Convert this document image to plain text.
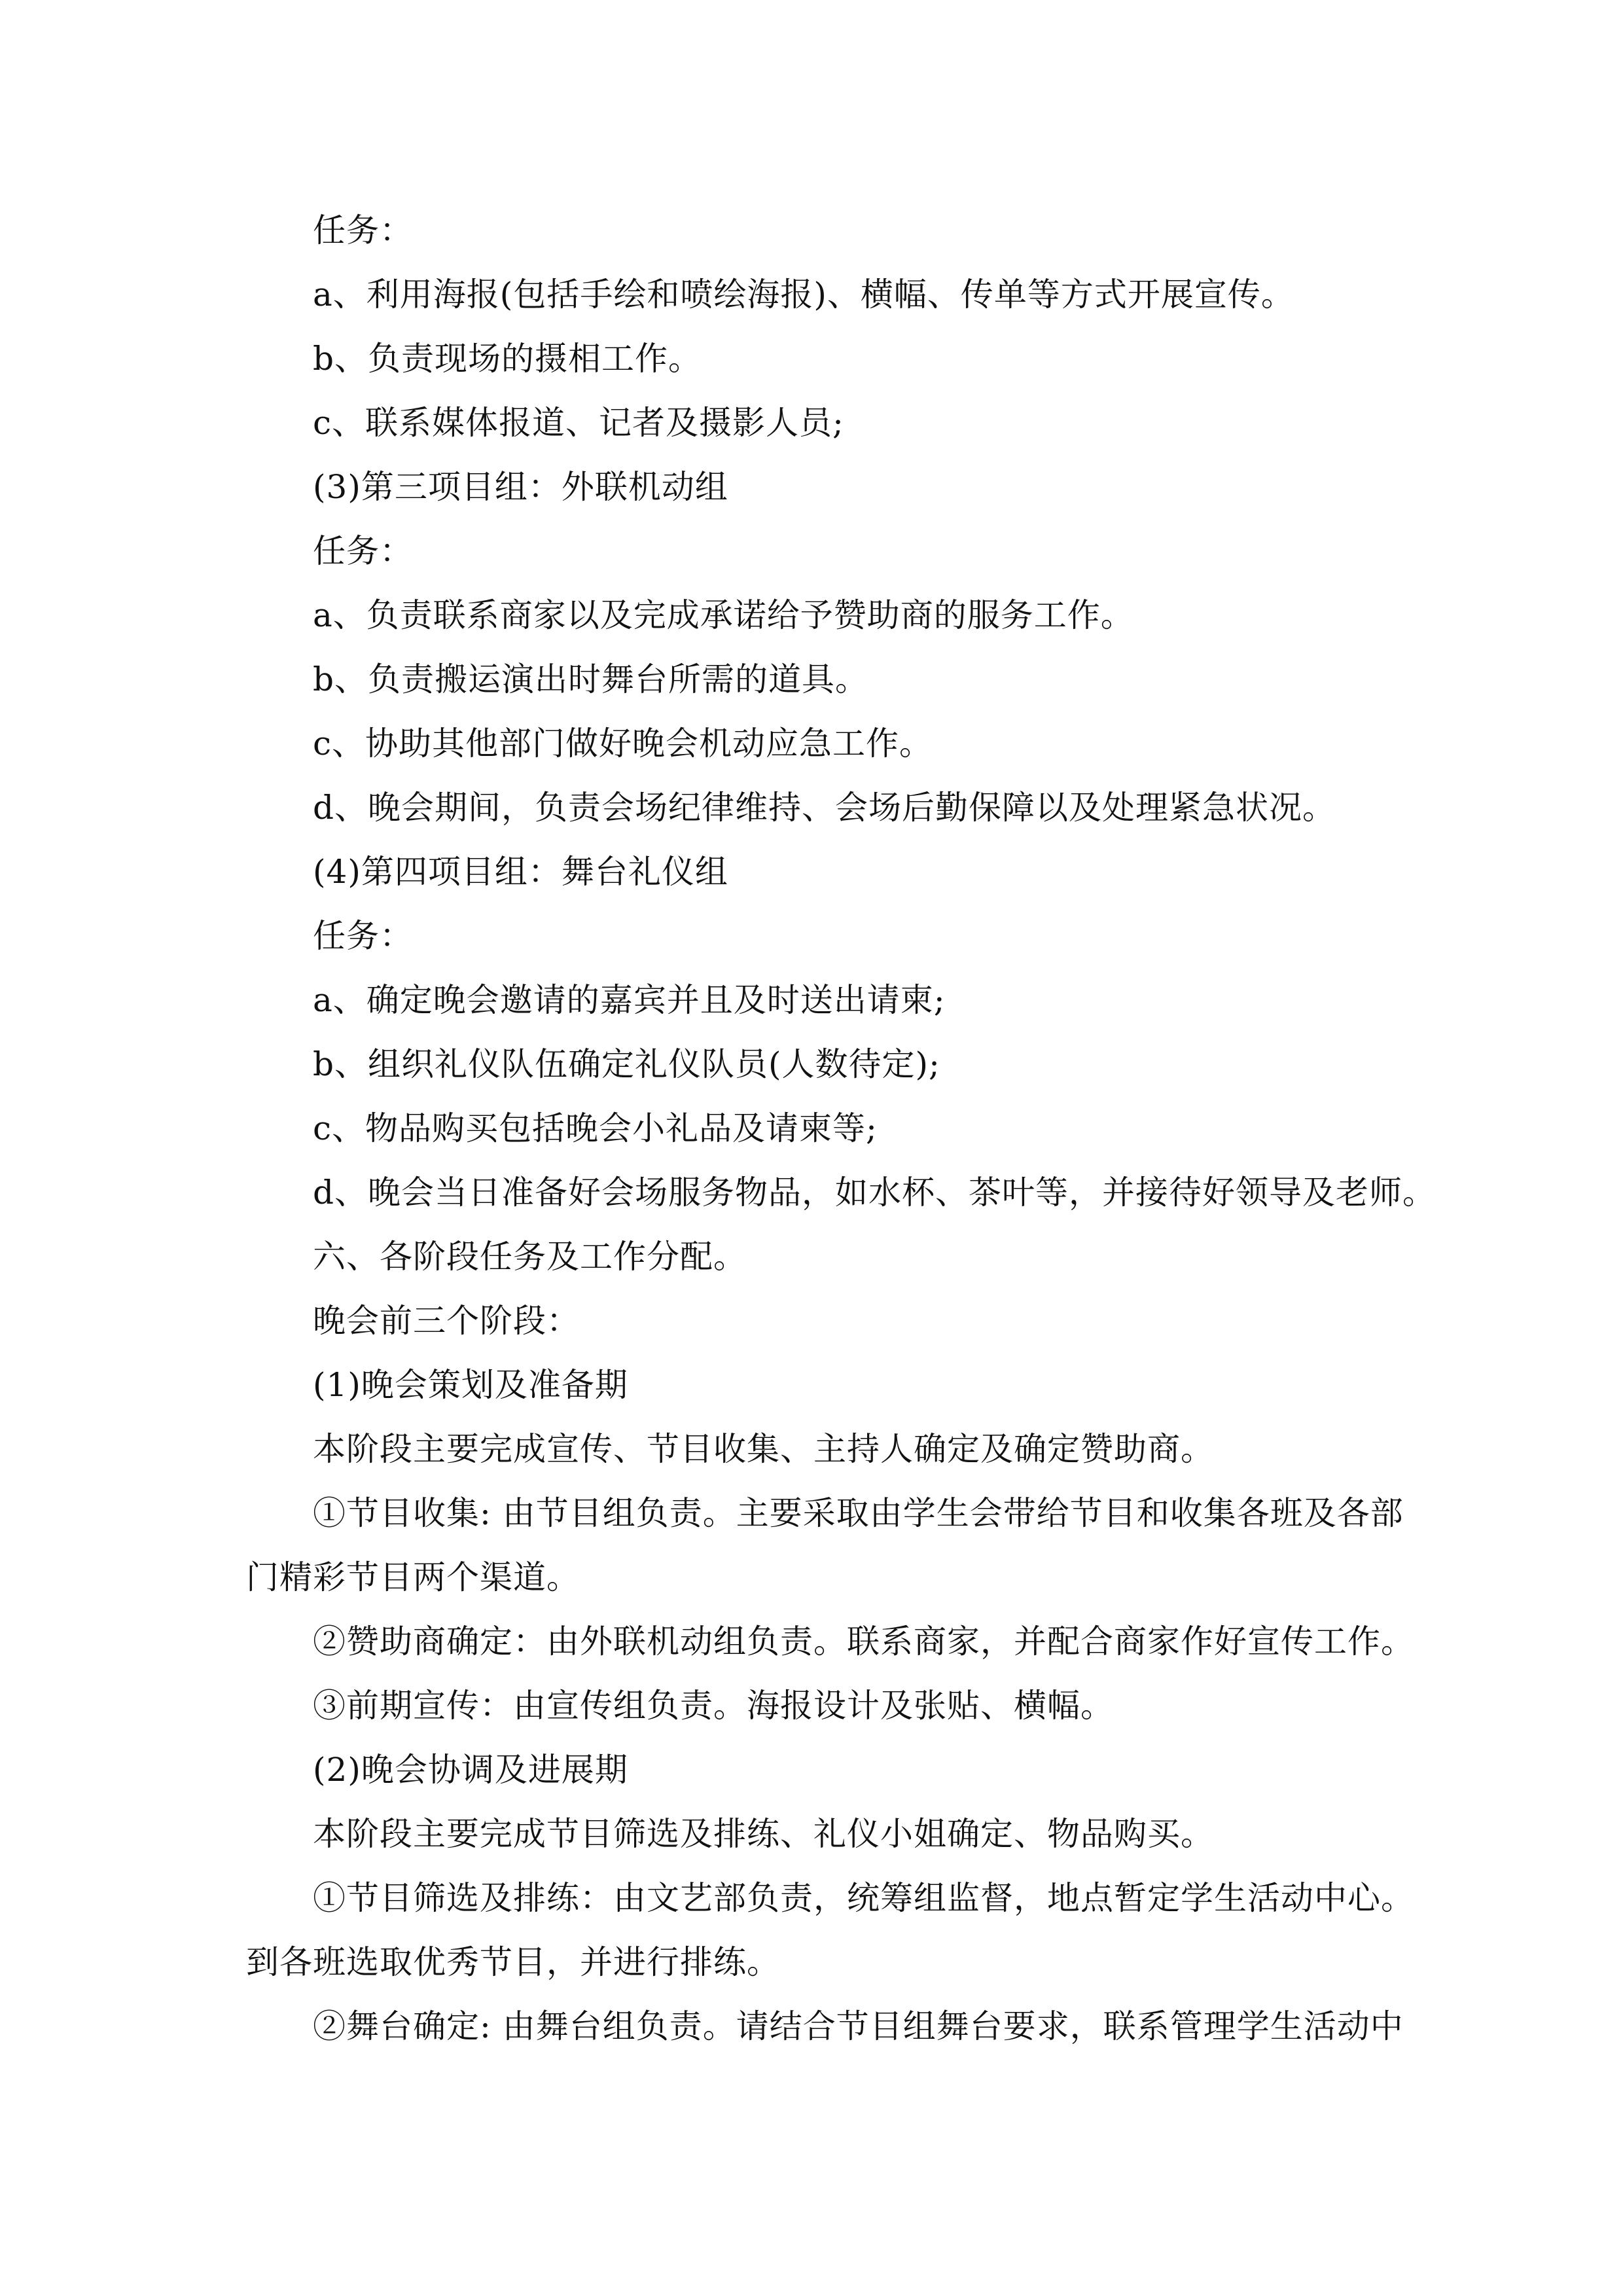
任务：
a、利用海报(包括手绘和喷绘海报)、横幅、传单等方式开展宣传。
b、负责现场的摄相工作。
c、联系媒体报道、记者及摄影人员;
(3)第三项目组：外联机动组
任务：
a、负责联系商家以及完成承诺给予赞助商的服务工作。
b、负责搬运演出时舞台所需的道具。
c、协助其他部门做好晚会机动应急工作。
d、晚会期间，负责会场纪律维持、会场后勤保障以及处理紧急状况。
(4)第四项目组：舞台礼仪组
任务：
a、确定晚会邀请的嘉宾并且及时送出请柬;
b、组织礼仪队伍确定礼仪队员(人数待定);
c、物品购买包括晚会小礼品及请柬等;
d、晚会当日准备好会场服务物品，如水杯、茶叶等，并接待好领导及老师。
六、各阶段任务及工作分配。
晚会前三个阶段：
(1)晚会策划及准备期
本阶段主要完成宣传、节目收集、主持人确定及确定赞助商。
①节目收集: 由节目组负责。主要采取由学生会带给节目和收集各班及各部
门精彩节目两个渠道。
②赞助商确定：由外联机动组负责。联系商家，并配合商家作好宣传工作。
③前期宣传：由宣传组负责。海报设计及张贴、横幅。
(2)晚会协调及进展期
本阶段主要完成节目筛选及排练、礼仪小姐确定、物品购买。
①节目筛选及排练：由文艺部负责，统筹组监督，地点暂定学生活动中心。
到各班选取优秀节目，并进行排练。
②舞台确定: 由舞台组负责。请结合节目组舞台要求，联系管理学生活动中
